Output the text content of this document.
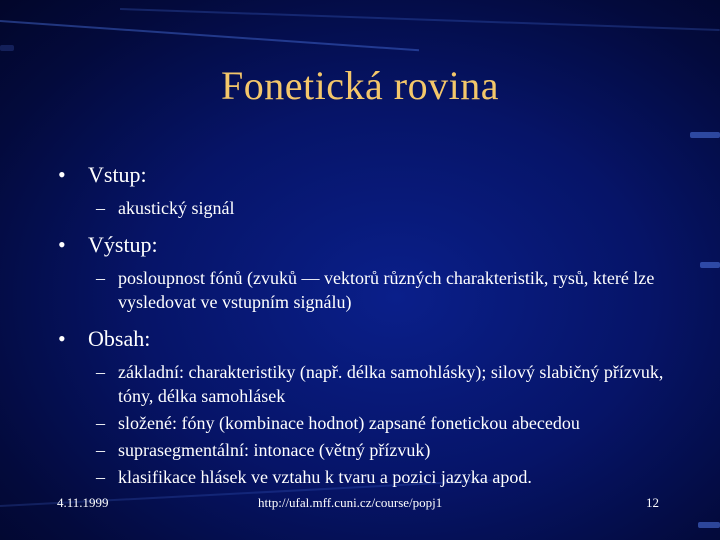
Fonetická rovina
• Vstup:
– akustický signál
• Výstup:
– posloupnost fónů (zvuků — vektorů různých charakteristik, rysů, které lze vysledovat ve vstupním signálu)
• Obsah:
– základní: charakteristiky (např. délka samohlásky); silový slabičný přízvuk, tóny, délka samohlásek
– složené: fóny (kombinace hodnot) zapsané fonetickou abecedou
– suprasegmentální: intonace (větný přízvuk)
– klasifikace hlásek ve vztahu k tvaru a pozici jazyka apod.
4.11.1999	http://ufal.mff.cuni.cz/course/popj1	12
